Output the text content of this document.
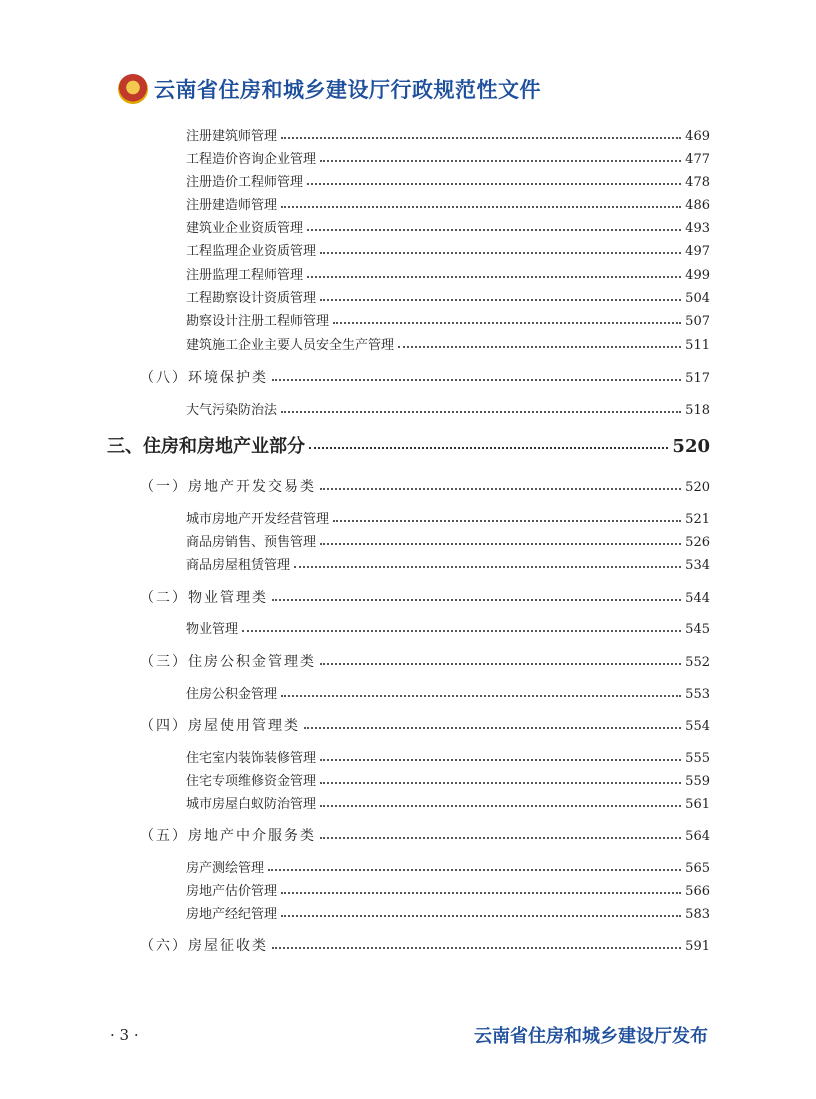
云南省住房和城乡建设厅行政规范性文件
注册建筑师管理	469
工程造价咨询企业管理	477
注册造价工程师管理	478
注册建造师管理	486
建筑业企业资质管理	493
工程监理企业资质管理	497
注册监理工程师管理	499
工程勘察设计资质管理	504
勘察设计注册工程师管理	507
建筑施工企业主要人员安全生产管理	511
（八）环境保护类	517
大气污染防治法	518
三、住房和房地产业部分	520
（一）房地产开发交易类	520
城市房地产开发经营管理	521
商品房销售、预售管理	526
商品房屋租赁管理	534
（二）物业管理类	544
物业管理	545
（三）住房公积金管理类	552
住房公积金管理	553
（四）房屋使用管理类	554
住宅室内装饰装修管理	555
住宅专项维修资金管理	559
城市房屋白蚁防治管理	561
（五）房地产中介服务类	564
房产测绘管理	565
房地产估价管理	566
房地产经纪管理	583
（六）房屋征收类	591
· 3 ·	云南省住房和城乡建设厅发布
